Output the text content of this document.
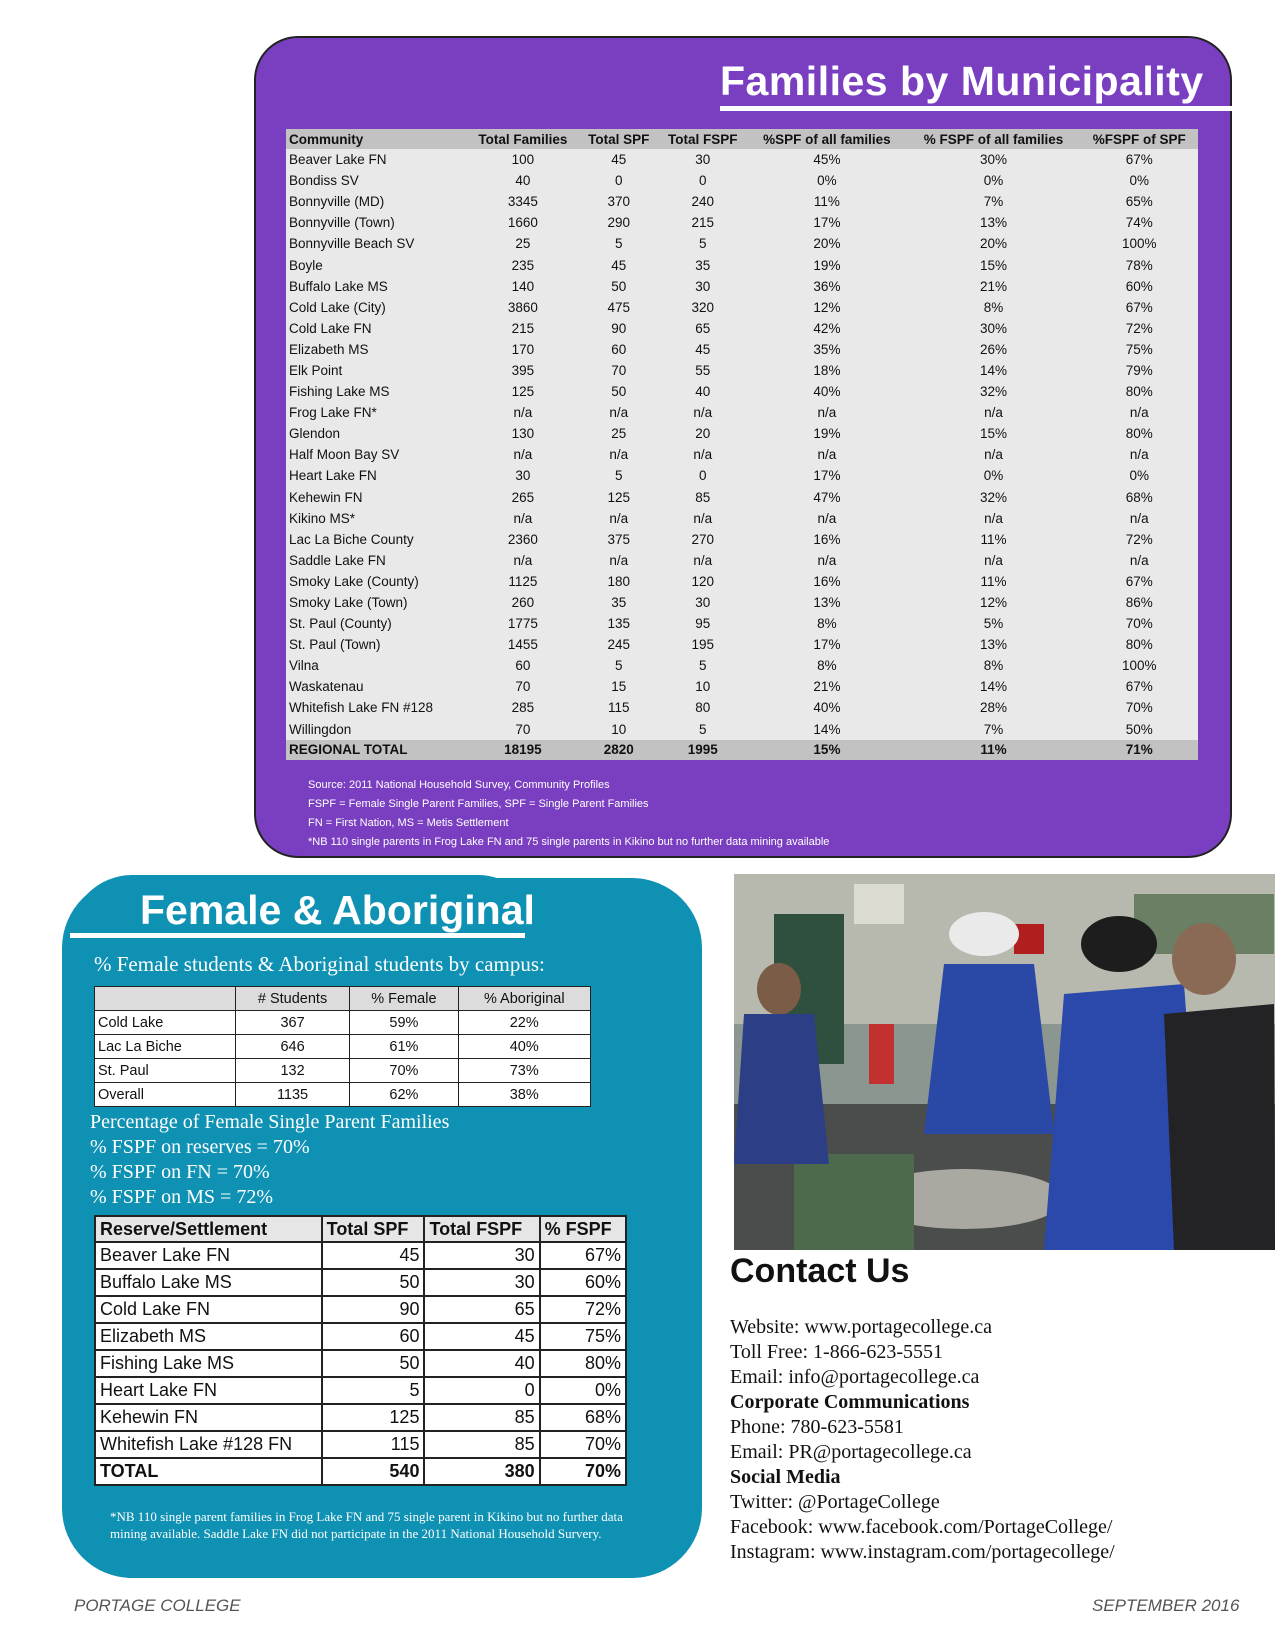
Families by Municipality
Community	Total Families	Total SPF	Total FSPF	%SPF of all families	% FSPF of all families	%FSPF of SPF
Beaver Lake FN	100	45	30	45%	30%	67%
Bondiss SV	40	0	0	0%	0%	0%
Bonnyville (MD)	3345	370	240	11%	7%	65%
Bonnyville (Town)	1660	290	215	17%	13%	74%
Bonnyville Beach SV	25	5	5	20%	20%	100%
Boyle	235	45	35	19%	15%	78%
Buffalo Lake MS	140	50	30	36%	21%	60%
Cold Lake (City)	3860	475	320	12%	8%	67%
Cold Lake FN	215	90	65	42%	30%	72%
Elizabeth MS	170	60	45	35%	26%	75%
Elk Point	395	70	55	18%	14%	79%
Fishing Lake MS	125	50	40	40%	32%	80%
Frog Lake FN*	n/a	n/a	n/a	n/a	n/a	n/a
Glendon	130	25	20	19%	15%	80%
Half Moon Bay SV	n/a	n/a	n/a	n/a	n/a	n/a
Heart Lake FN	30	5	0	17%	0%	0%
Kehewin FN	265	125	85	47%	32%	68%
Kikino MS*	n/a	n/a	n/a	n/a	n/a	n/a
Lac La Biche County	2360	375	270	16%	11%	72%
Saddle Lake FN	n/a	n/a	n/a	n/a	n/a	n/a
Smoky Lake (County)	1125	180	120	16%	11%	67%
Smoky Lake (Town)	260	35	30	13%	12%	86%
St. Paul (County)	1775	135	95	8%	5%	70%
St. Paul (Town)	1455	245	195	17%	13%	80%
Vilna	60	5	5	8%	8%	100%
Waskatenau	70	15	10	21%	14%	67%
Whitefish Lake FN #128	285	115	80	40%	28%	70%
Willingdon	70	10	5	14%	7%	50%
REGIONAL TOTAL	18195	2820	1995	15%	11%	71%
Source: 2011 National Household Survey, Community Profiles
FSPF = Female Single Parent Families, SPF = Single Parent Families
FN = First Nation, MS = Metis Settlement
*NB 110 single parents in Frog Lake FN and 75 single parents in Kikino but no further data mining available
Female & Aboriginal
% Female students & Aboriginal students by campus:
	# Students	% Female	% Aboriginal
Cold Lake	367	59%	22%
Lac La Biche	646	61%	40%
St. Paul	132	70%	73%
Overall	1135	62%	38%
Percentage of Female Single Parent Families
% FSPF on reserves = 70%
% FSPF on FN = 70%
% FSPF on MS = 72%
Reserve/Settlement	Total SPF	Total FSPF	% FSPF
Beaver Lake FN	45	30	67%
Buffalo Lake MS	50	30	60%
Cold Lake FN	90	65	72%
Elizabeth MS	60	45	75%
Fishing Lake MS	50	40	80%
Heart Lake FN	5	0	0%
Kehewin FN	125	85	68%
Whitefish Lake #128 FN	115	85	70%
TOTAL	540	380	70%
*NB 110 single parent families in Frog Lake FN and 75 single parent in Kikino but no further data mining available. Saddle Lake FN did not participate in the 2011 National Household Survery.
Contact Us
Website: www.portagecollege.ca
Toll Free: 1-866-623-5551
Email: info@portagecollege.ca
Corporate Communications
Phone: 780-623-5581
Email: PR@portagecollege.ca
Social Media
Twitter: @PortageCollege
Facebook: www.facebook.com/PortageCollege/
Instagram: www.instagram.com/portagecollege/
PORTAGE COLLEGE	SEPTEMBER 2016
